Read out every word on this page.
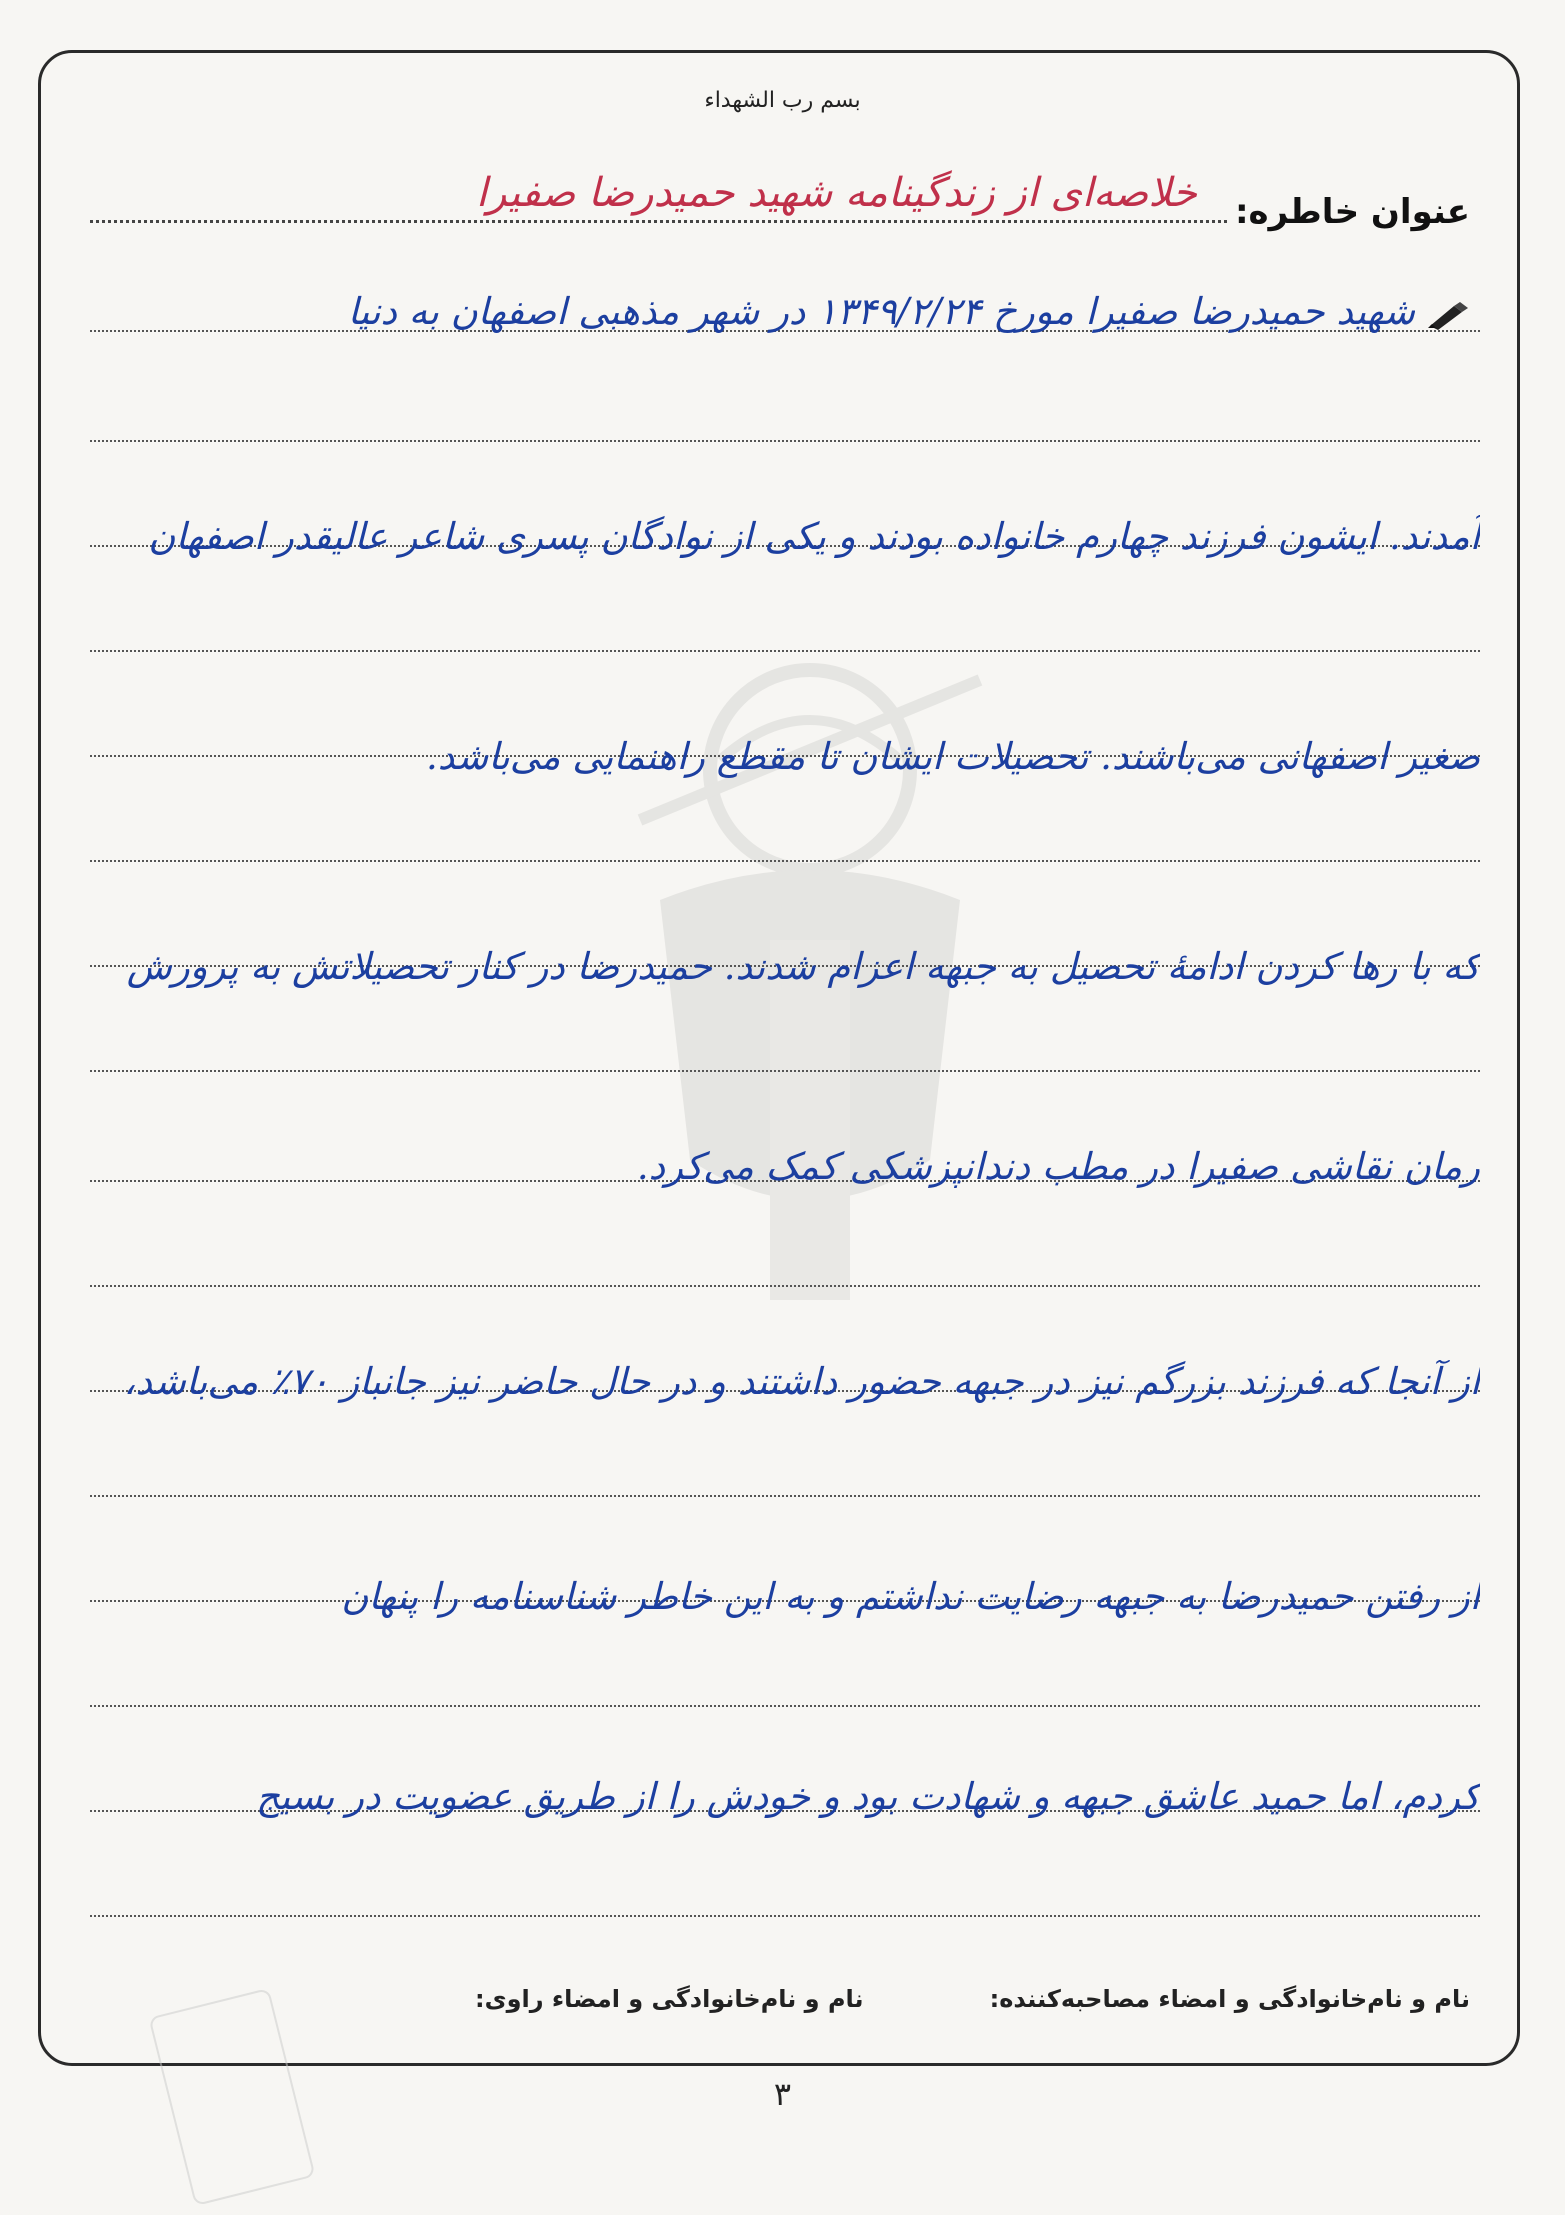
بسم رب الشهداء
عنوان خاطره:
خلاصه‌ای از زندگینامه شهید حمیدرضا صفیرا
شهید حمیدرضا صفیرا مورخ ۱۳۴۹/۲/۲۴ در شهر مذهبی اصفهان به دنیا
آمدند. ایشون فرزند چهارم خانواده بودند و یکی از نوادگان پسری شاعر عالیقدر اصفهان
صغیر اصفهانی می‌باشند. تحصیلات ایشان تا مقطع راهنمایی می‌باشد.
که با رها کردن ادامهٔ تحصیل به جبهه اعزام شدند. حمیدرضا در کنار تحصیلاتش به پرورش
رمان نقاشی صفیرا در مطب دندانپزشکی کمک می‌کرد.
از آنجا که فرزند بزرگم نیز در جبهه حضور داشتند و در حال حاضر نیز جانباز ۷۰٪ می‌باشد،
از رفتن حمیدرضا به جبهه رضایت نداشتم و به این خاطر شناسنامه را پنهان
کردم، اما حمید عاشق جبهه و شهادت بود و خودش را از طریق عضویت در بسیج
نام و نام‌خانوادگی و امضاء مصاحبه‌کننده:
نام و نام‌خانوادگی و امضاء راوی:
۳
